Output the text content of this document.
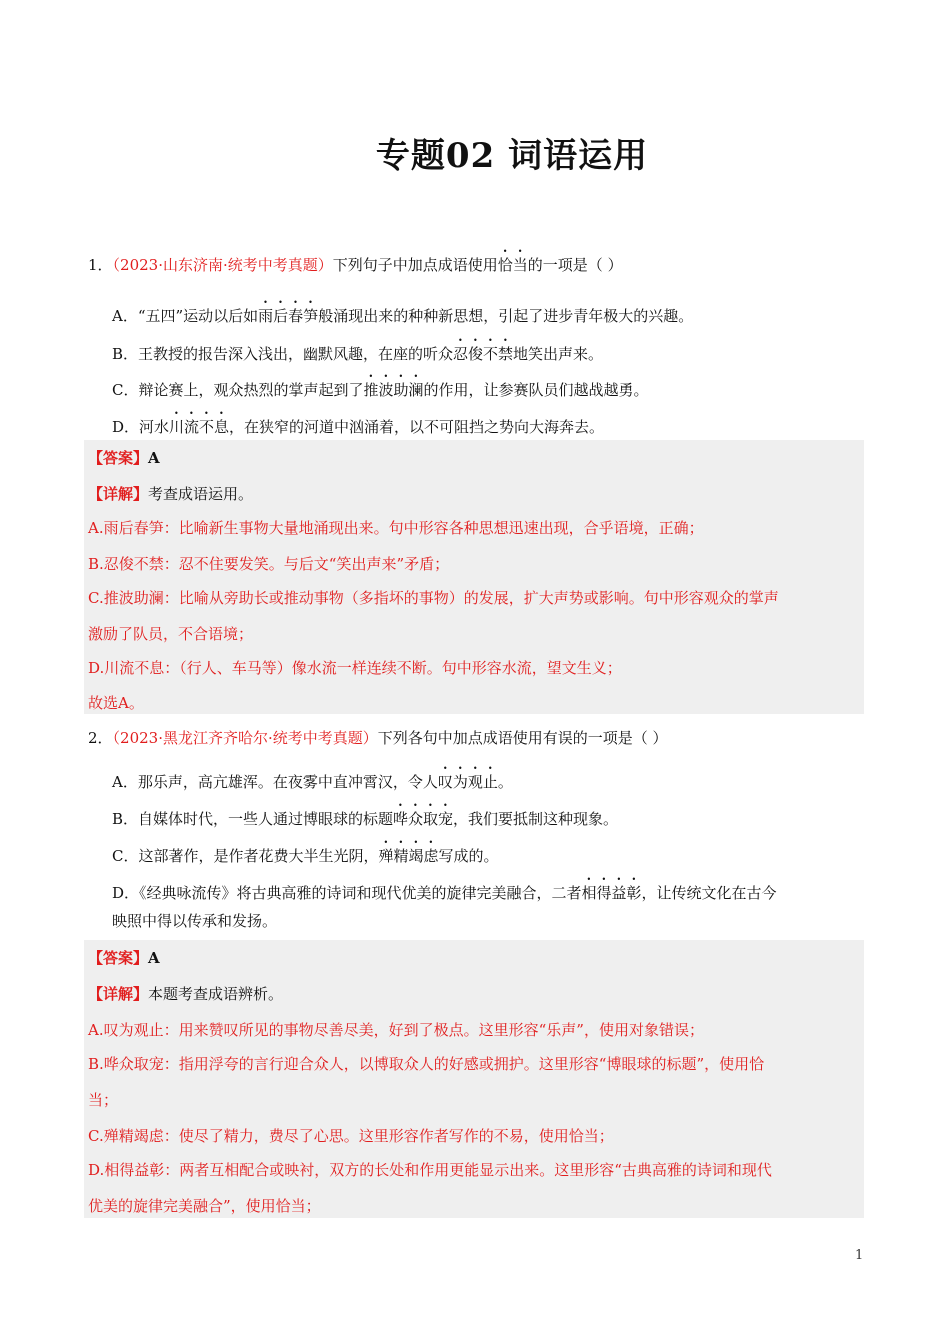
专题02 词语运用
1．（2023·山东济南·统考中考真题）下列句子中加点成语使用恰当的一项是（ ）
A．“五四”运动以后如雨后春笋般涌现出来的种种新思想，引起了进步青年极大的兴趣。
B．王教授的报告深入浅出，幽默风趣，在座的听众忍俊不禁地笑出声来。
C．辩论赛上，观众热烈的掌声起到了推波助澜的作用，让参赛队员们越战越勇。
D．河水川流不息，在狭窄的河道中汹涌着，以不可阻挡之势向大海奔去。
【答案】A
【详解】考查成语运用。
A.雨后春笋：比喻新生事物大量地涌现出来。句中形容各种思想迅速出现，合乎语境，正确；
B.忍俊不禁：忍不住要发笑。与后文“笑出声来”矛盾；
C.推波助澜：比喻从旁助长或推动事物（多指坏的事物）的发展，扩大声势或影响。句中形容观众的掌声
激励了队员，不合语境；
D.川流不息：（行人、车马等）像水流一样连续不断。句中形容水流，望文生义；
故选A。
2．（2023·黑龙江齐齐哈尔·统考中考真题）下列各句中加点成语使用有误的一项是（ ）
A．那乐声，高亢雄浑。在夜雾中直冲霄汉，令人叹为观止。
B．自媒体时代，一些人通过博眼球的标题哗众取宠，我们要抵制这种现象。
C．这部著作，是作者花费大半生光阴，殚精竭虑写成的。
D．《经典咏流传》将古典高雅的诗词和现代优美的旋律完美融合，二者相得益彰，让传统文化在古今
映照中得以传承和发扬。
【答案】A
【详解】本题考查成语辨析。
A.叹为观止：用来赞叹所见的事物尽善尽美，好到了极点。这里形容“乐声”，使用对象错误；
B.哗众取宠：指用浮夸的言行迎合众人，以博取众人的好感或拥护。这里形容“博眼球的标题”，使用恰
当；
C.殚精竭虑：使尽了精力，费尽了心思。这里形容作者写作的不易，使用恰当；
D.相得益彰：两者互相配合或映衬，双方的长处和作用更能显示出来。这里形容“古典高雅的诗词和现代
优美的旋律完美融合”，使用恰当；
1
